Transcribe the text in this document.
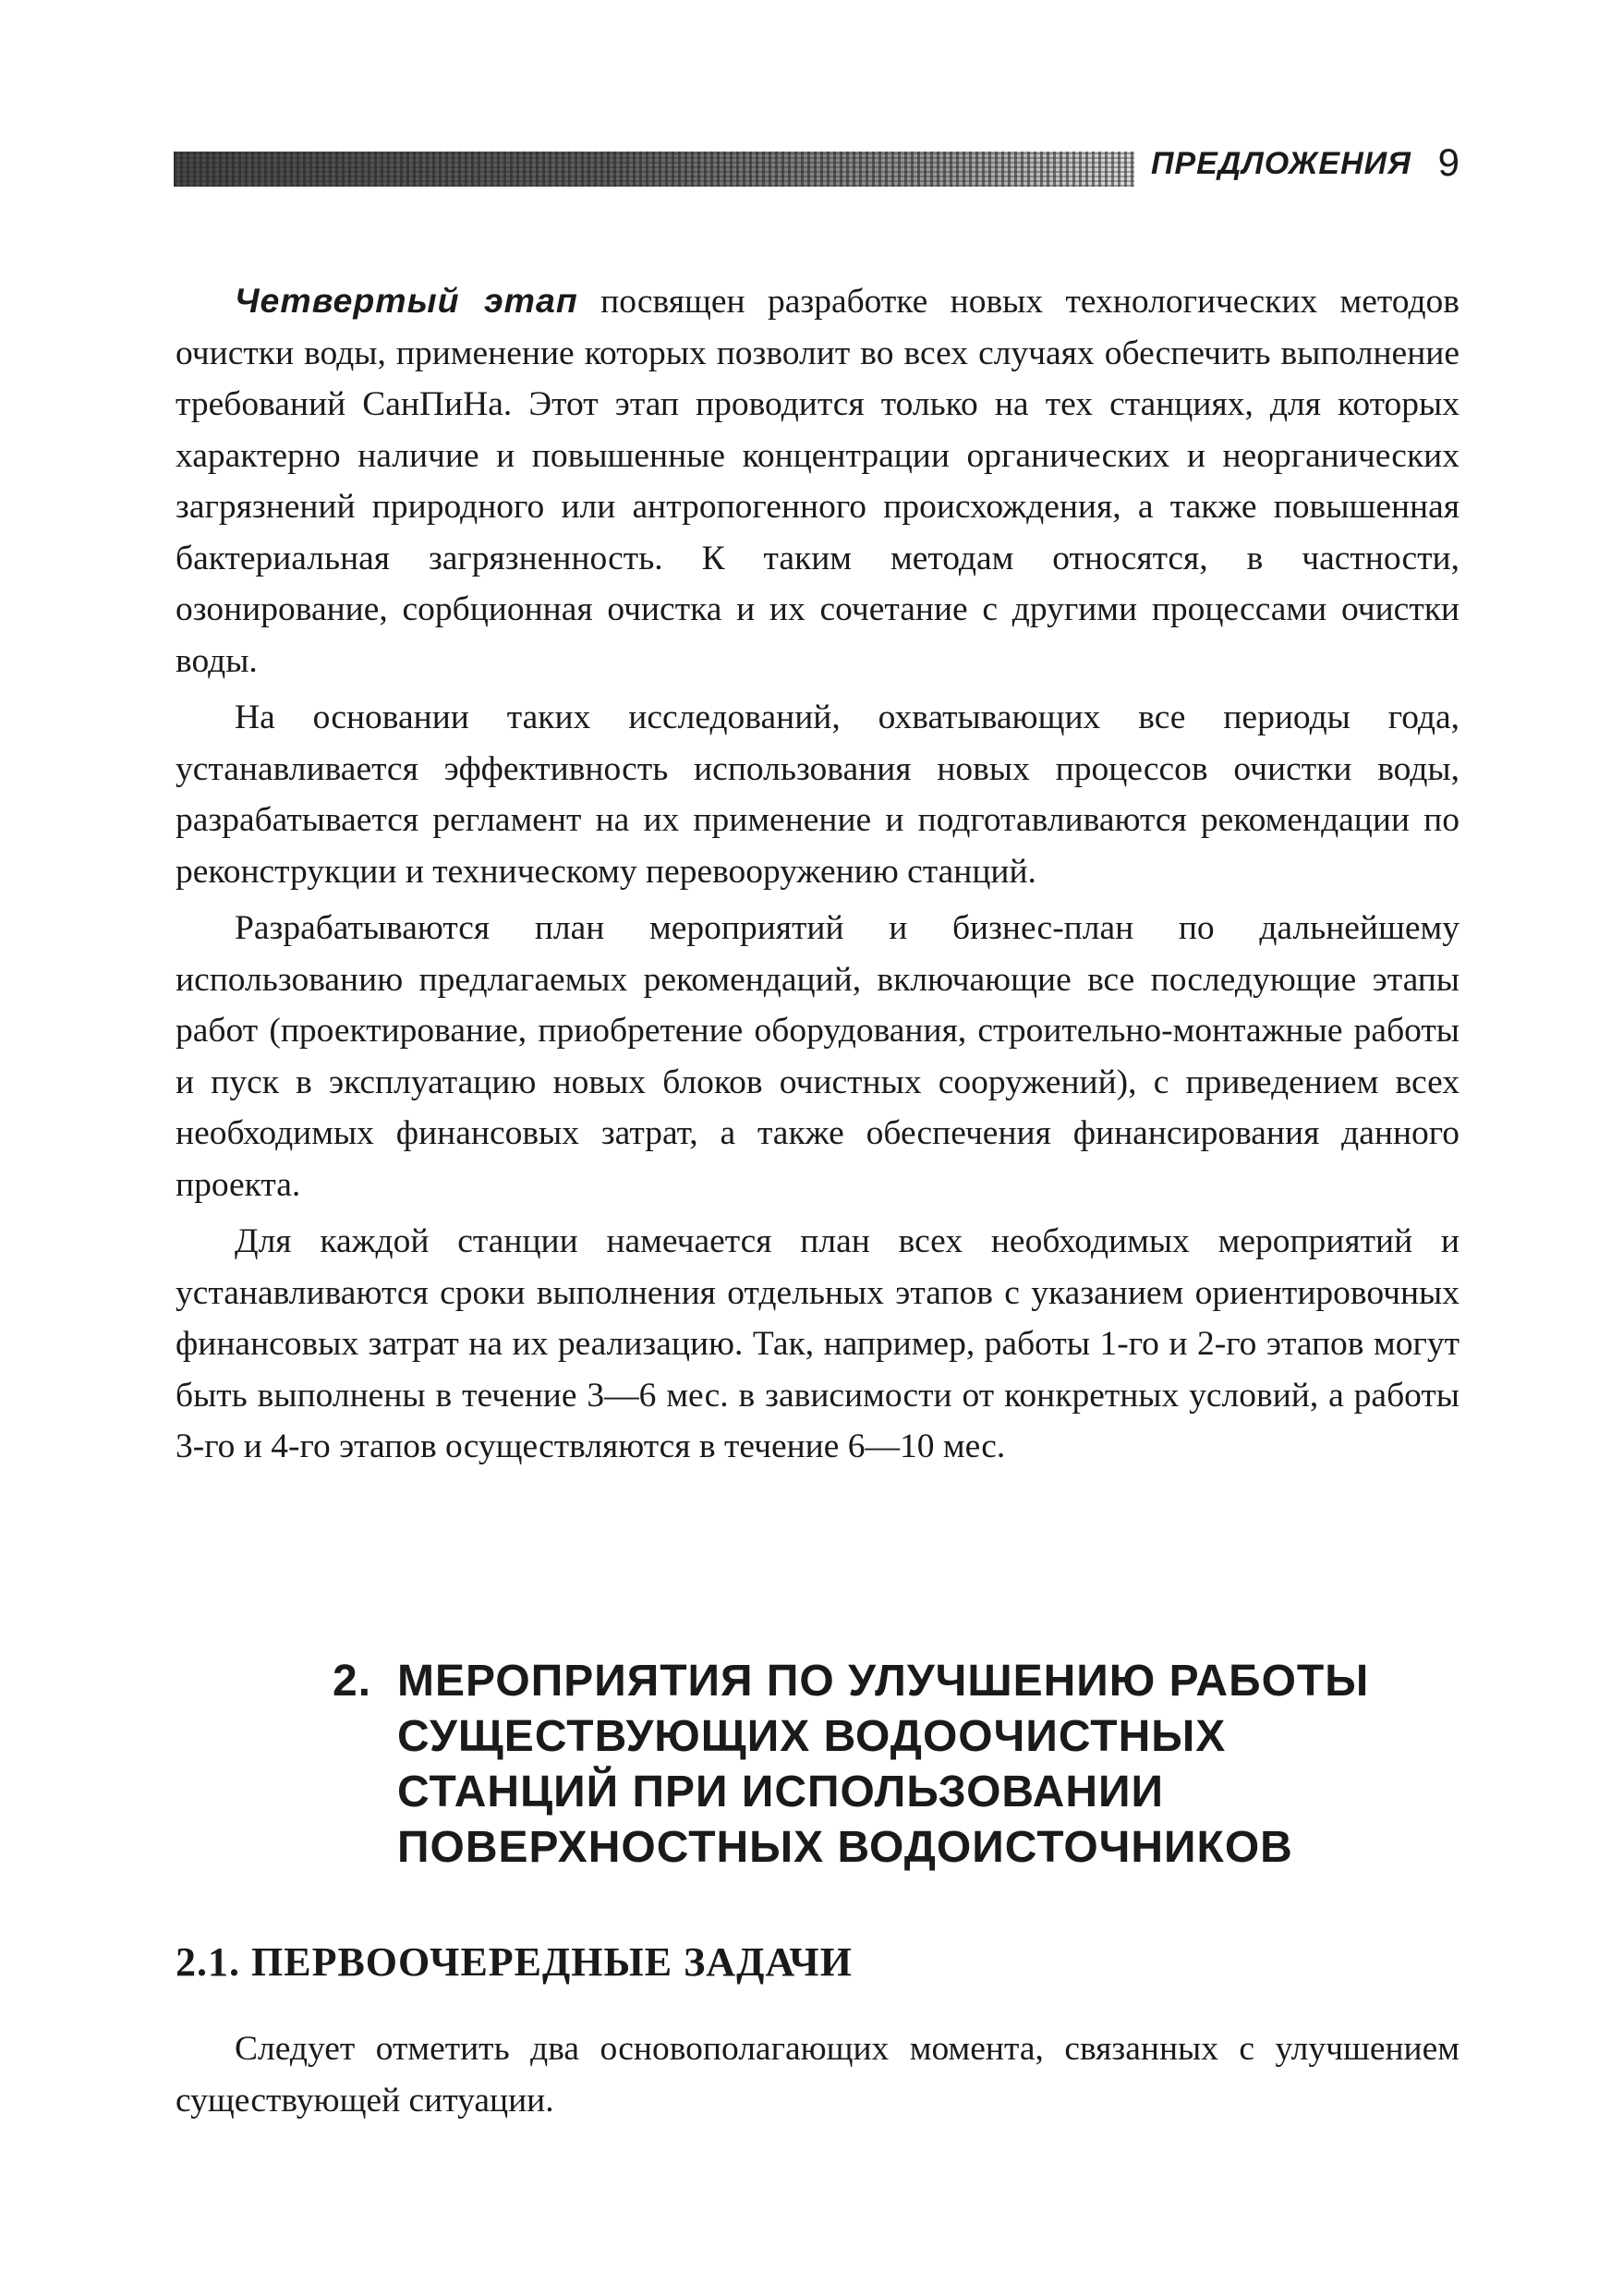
ПРЕДЛОЖЕНИЯ 9

Четвертый этап посвящен разработке новых технологических методов очистки воды, применение которых позволит во всех случаях обеспечить выполнение требований СанПиНа. Этот этап проводится только на тех станциях, для которых характерно наличие и повышенные концентрации органических и неорганических загрязнений природного или антропогенного происхождения, а также повышенная бактериальная загрязненность. К таким методам относятся, в частности, озонирование, сорбционная очистка и их сочетание с другими процессами очистки воды.

На основании таких исследований, охватывающих все периоды года, устанавливается эффективность использования новых процессов очистки воды, разрабатывается регламент на их применение и подготавливаются рекомендации по реконструкции и техническому перевооружению станций.

Разрабатываются план мероприятий и бизнес-план по дальнейшему использованию предлагаемых рекомендаций, включающие все последующие этапы работ (проектирование, приобретение оборудования, строительно-монтажные работы и пуск в эксплуатацию новых блоков очистных сооружений), с приведением всех необходимых финансовых затрат, а также обеспечения финансирования данного проекта.

Для каждой станции намечается план всех необходимых мероприятий и устанавливаются сроки выполнения отдельных этапов с указанием ориентировочных финансовых затрат на их реализацию. Так, например, работы 1-го и 2-го этапов могут быть выполнены в течение 3—6 мес. в зависимости от конкретных условий, а работы 3-го и 4-го этапов осуществляются в течение 6—10 мес.

2. МЕРОПРИЯТИЯ ПО УЛУЧШЕНИЮ РАБОТЫ
СУЩЕСТВУЮЩИХ ВОДООЧИСТНЫХ
СТАНЦИЙ ПРИ ИСПОЛЬЗОВАНИИ
ПОВЕРХНОСТНЫХ ВОДОИСТОЧНИКОВ
2.1. ПЕРВООЧЕРЕДНЫЕ ЗАДАЧИ

Следует отметить два основополагающих момента, связанных с улучшением существующей ситуации.
